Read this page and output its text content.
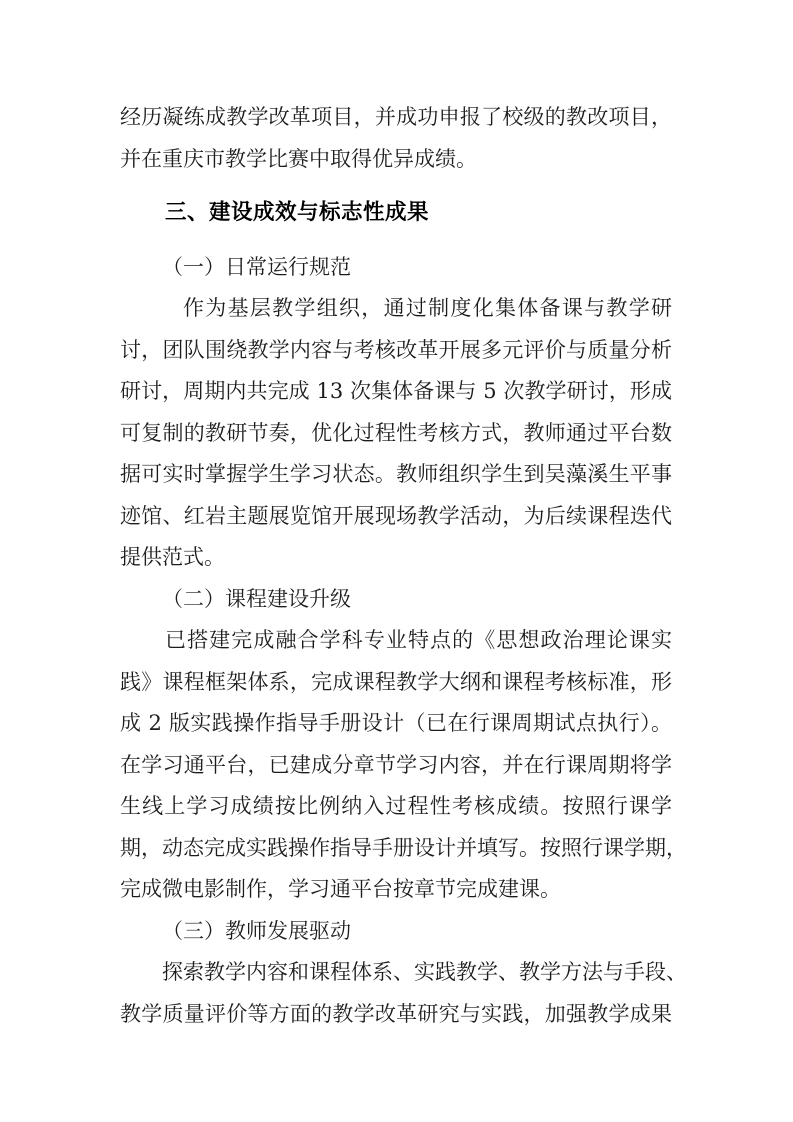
经历凝练成教学改革项目，并成功申报了校级的教改项目，
并在重庆市教学比赛中取得优异成绩。
三、建设成效与标志性成果
（一）日常运行规范
作为基层教学组织，通过制度化集体备课与教学研
讨，团队围绕教学内容与考核改革开展多元评价与质量分析
研讨，周期内共完成 13 次集体备课与 5 次教学研讨，形成
可复制的教研节奏，优化过程性考核方式，教师通过平台数
据可实时掌握学生学习状态。教师组织学生到吴藻溪生平事
迹馆、红岩主题展览馆开展现场教学活动，为后续课程迭代
提供范式。
（二）课程建设升级
已搭建完成融合学科专业特点的《思想政治理论课实
践》课程框架体系，完成课程教学大纲和课程考核标准，形
成 2 版实践操作指导手册设计（已在行课周期试点执行）。
在学习通平台，已建成分章节学习内容，并在行课周期将学
生线上学习成绩按比例纳入过程性考核成绩。按照行课学
期，动态完成实践操作指导手册设计并填写。按照行课学期，
完成微电影制作，学习通平台按章节完成建课。
（三）教师发展驱动
探索教学内容和课程体系、实践教学、教学方法与手段、
教学质量评价等方面的教学改革研究与实践，加强教学成果
